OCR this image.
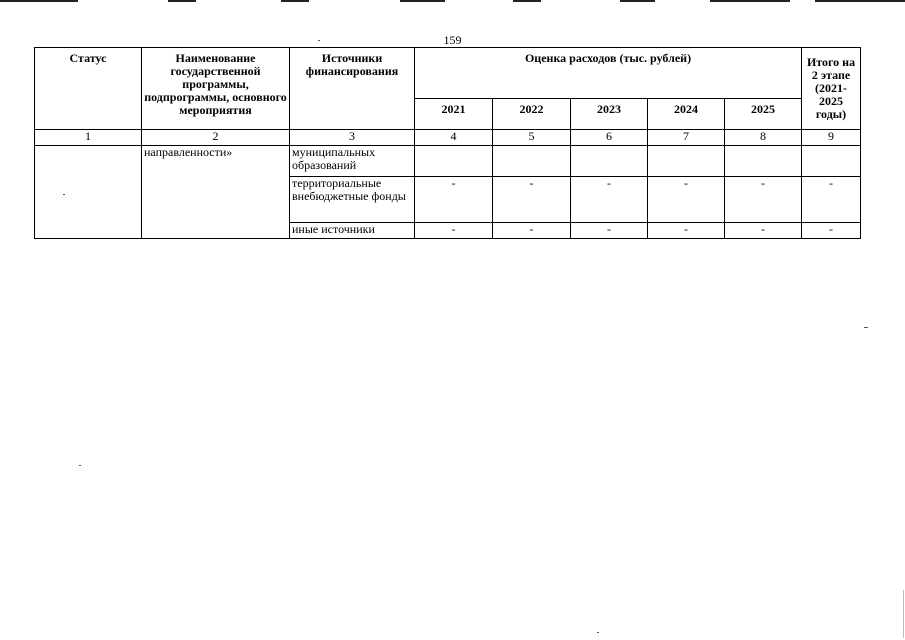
159
Статус	Наименование государственной программы, подпрограммы, основного мероприятия	Источники финансирования	Оценка расходов (тыс. рублей)					Итого на 2 этапе (2021-2025 годы)
			2021	2022	2023	2024	2025	
1	2	3	4	5	6	7	8	9
	направленности»	муниципальных образований						
		территориальные внебюджетные фонды	-	-	-	-	-	-
		иные источники	-	-	-	-	-	-
